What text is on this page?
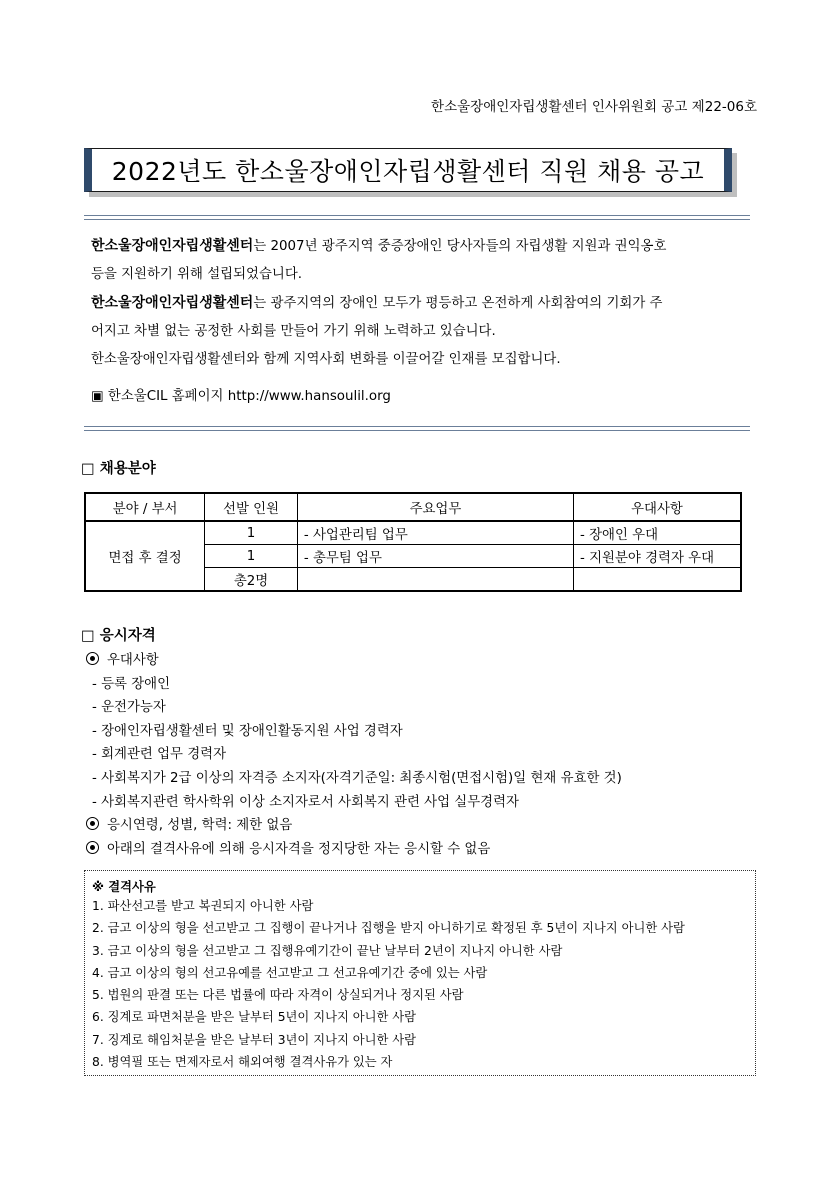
한소울장애인자립생활센터 인사위원회 공고 제22-06호
2022년도 한소울장애인자립생활센터 직원 채용 공고

한소울장애인자립생활센터는 2007년 광주지역 중증장애인 당사자들의 자립생활 지원과 권익옹호

등을 지원하기 위해 설립되었습니다.

한소울장애인자립생활센터는 광주지역의 장애인 모두가 평등하고 온전하게 사회참여의 기회가 주

어지고 차별 없는 공정한 사회를 만들어 가기 위해 노력하고 있습니다.

한소울장애인자립생활센터와 함께 지역사회 변화를 이끌어갈 인재를 모집합니다.

▣ 한소울CIL 홈페이지 http://www.hansoulil.org
□ 채용분야
분야 / 부서	선발 인원	주요업무	우대사항
면접 후 결정	1	- 사업관리팀 업무	- 장애인 우대
	1	- 총무팀 업무	- 지원분야 경력자 우대
	총2명		
□ 응시자격
우대사항
- 등록 장애인
- 운전가능자
- 장애인자립생활센터 및 장애인활동지원 사업 경력자
- 회계관련 업무 경력자
- 사회복지가 2급 이상의 자격증 소지자(자격기준일: 최종시험(면접시험)일 현재 유효한 것)
- 사회복지관련 학사학위 이상 소지자로서 사회복지 관련 사업 실무경력자
응시연령, 성별, 학력: 제한 없음
아래의 결격사유에 의해 응시자격을 정지당한 자는 응시할 수 없음
※ 결격사유
1. 파산선고를 받고 복권되지 아니한 사람
2. 금고 이상의 형을 선고받고 그 집행이 끝나거나 집행을 받지 아니하기로 확정된 후 5년이 지나지 아니한 사람
3. 금고 이상의 형을 선고받고 그 집행유예기간이 끝난 날부터 2년이 지나지 아니한 사람
4. 금고 이상의 형의 선고유예를 선고받고 그 선고유예기간 중에 있는 사람
5. 법원의 판결 또는 다른 법률에 따라 자격이 상실되거나 정지된 사람
6. 징계로 파면처분을 받은 날부터 5년이 지나지 아니한 사람
7. 징계로 해임처분을 받은 날부터 3년이 지나지 아니한 사람
8. 병역필 또는 면제자로서 해외여행 결격사유가 있는 자
